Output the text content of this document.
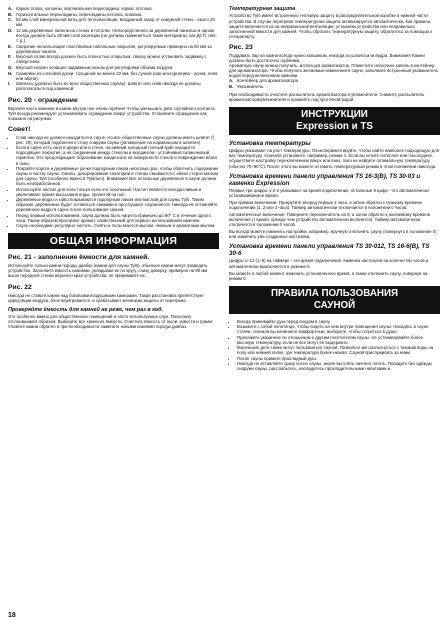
A. Каркас полка, колонны, вертикальная перекладина, каркас потолка.
B. Горизонтальные перекладины, перекладины потолка, клапана
C. 50 мм слой минеральной ваты для теплоизоляции, воздушный зазор от наружной стены - около 20 мм.
D. 12 мм деревянные панели на стенах и потолке. Непосредственно за деревянной панелью в одном всегда должен быть 50 мм слой изоляции (не должны применяться такие материалы, как ДСП, гипс т. д.).
E. Сверхние нескользящие пластиковые напольные покрытия, регулируемые примерно на 50 мм за деревянные панели.
F.	Внусной сплав всегда должен быть полностью открытым, сверху можно установить задвижку с отверстием.
G. Внусной клапан оснащен задвижным люком для регулировки объема воздуха.
H. Скамейки из сосновой доски, толщиной не менее 22 мм, без сучков (или альтернатива - осина, липа или абачи).
I.	Шпигаты (должны быть во всех общественных саунах). Шпигат или слив никогда не должны располагаться под каменкой.

Рис. 20 - ограждение

Верхняя часть каменки и камни внутри нее очень горячие! Чтобы уменьшить риск случайного контакта, Tylö всегда рекомендует устанавливать ограждение вокруг устройства. Установите ограждение как показано на рисунках.

Совет!

• Слив никогда не должен находиться в сауне. Но все общественные сауны должны иметь шпигат (f, рис. 19), который подключен к стоку снаружи сауны (увлажнение на нормальном в шпигате).
• Если в сауне есть окно в двери или в стене, на нижний холодный полный край находится подходящее покрытие, а на соединении между стеклом и молдингом - устойчивый силиконовый герметик. Это предотвращает образование конденсата на поверхности стекла и повреждение влаги в окно.
• Покройте пороги и деревянные ручки подпорным лаком несколько раз, чтобы облегчить содержание сауны и частку сауны. Смолы, декорирование сенатории в стенах смываются с обеих сторон малым для сауны. Tylö (особенно важно в Tylarium). Внимание! Все остальные деревянное в сауне должна быть необработанной.
• Используйте настил для пола только если это оскольный. Настил является неподатливым и увеличивает время высыхания воды, пролитой на пол.
• Деревянные ведро и ковш покрываются подпорным лаком или маслом для сауны Tylö. Таким образом, деревянные будет оставаться свежими и прослушают сохраняется. Никогда не оставляйте деревянное ведро в сауне после пользования сауной.
• Перед первым использованием, сауна должна быть нагрета примерно до 90° С в течение одного часа. Таким образом прогорают аромат, свойственный для первого использования каменки.
• Сауну необходимо регулярно чистить. Сняты и полы моются мылом, нежным и ароматным мылом.
ОБЩАЯ ИНФОРМАЦИЯ

Рис. 21 - заполнение ёмкости для камней.

Используйте только камни породы диабаз (камни для сауны Tylö), обычные камни могут повредить устройство. Заполните ёмкость камнями, укладывая их по кругу, снизу доверху, примерно на 80 мм выше передней стенки верхнего края устройства, не прижимайте их.

Рис. 22

Никогда не ставьте камни над боковыми воздушными камерами. Такая расстановка препятствует циркуляции воздуха, блок перегревается, и срабатывает механизм защиты от перегрева.

Проверяйте ёмкость для камней не реже, чем раз в год.

Это особенно важно для общественных помещений и часто используемых саун. Поскольку отслоившимся образом: Выберите все камни из ёмкости. Очистите ёмкость от пыли, извести и грамм. Уложите камни обратно и при необходимости замените новыми камнями породы диабаз.

Температурная защита

Устройство Tylö имеет встроенную тепловую защиту в распределительной коробке в нижней части устройства. В случае перегрева температурная защита активизируется автоматически. Как правило, защита включается из-за неправильной вентиляции, установки устройства или неправильно заполненной ёмкости для камней. Чтобы сбросить температурную защиту, обратитесь за помощью к специалисту.

Рис. 23

Поддавать пар на камни всегда нужно ковшиком, никогда из шланга или ведра. Внимание! Камни должны быть достаточно горячими.

Ароматную сауну можно получить, используя ароматизатор. Поместите несколько капель в контейнер для ароматизатора. Чтобы получить желаемые изменения в сауне, заполните встроенный увлажнитель водой перед включением каменки.

A. Контейнер для ароматизатора
B. Увлажнитель.

При необходимости очистите распылитель ароматизатора и увлажнителя. Снимите распылитель ароматизатора/увлажнителя и промойте под проточной водой.

ИНСТРУКЦИИ
Expression и TS

Установка температуры

Цифры указывают на рост температуры. Поэкспериментируйте, чтобы найти наиболее подходящую для вас температуру. Сначала установите, например, режим 4. Если вы хотите потеплее или похолоднее, осуществите настройку переключением вверх или вниз, пока не найдете оптимальную температуру (обычно 70–90°C). После этого вы можете оставить температурный режим в этом положении навсегда.

Установка времени панели управления TS 16-3(B), TS 30-03 и каменки Expression

Первые три цифры 1-2-3 указывают на время подключения, остальные 9 цифр - это автоматически устанавливаемое время.

При прямом включении: Прокрутите вперед первые 3 часа, а затем обратно к нужному времени подключения (1, 2 или 3 часа). Таймер автоматически отключается в положении 0 часов.

Автоматическое включение: Поверните переключатель на 9, а затем обратно к желаемому времени включения (т время, прежде чем устройство автоматически включится). Таймер автоматически отключится в положении 0 часов.

Вы всегда можете изменить настройки, например, вручную отключить сауну (повернуть в положение 0) или изменить уже созданные настройки.

Установка времени панели управления TS 30-012, TS 16-6(B), TS 30-6

Цифры 1–12 (1–6) на таймере - это время подключения. Каменка настроена на количество часов и автоматически выключается в режиме 0.

Вы можете в любой момент изменить установленное время, а также отключить сауну, повернув на режим 0.

ПРАВИЛА ПОЛЬЗОВАНИЯ
САУНОЙ
• Всегда принимайте душ перед входом в сауну.
• Возьмите с собой полотенце, чтобы сидеть на нем внутри помещения сауны. Находясь в сауне стоячи, сначала вы начинаете комфортным, выберите, чтобы согреться в душе.
• Приложите указанное по отношению к другим посетителям сауны. Не устанавливайте более высокую температуру, если не все могут ее выдержать.
• Маленькие дети также могут пользоваться сауной. Позвольте им ополоснуться с тазиком воды на полу или нижней полке, где температура более низкая. Сауной прислуживать за ними.
• После сауны примите прохладный душ.
• Никогда не оставляйте сразу после сауны, иначе вы опять начнете потеть. Посидите без одежды снаружи сауны, расслабьтесь, насладитесь прохладительными напитками и
18
